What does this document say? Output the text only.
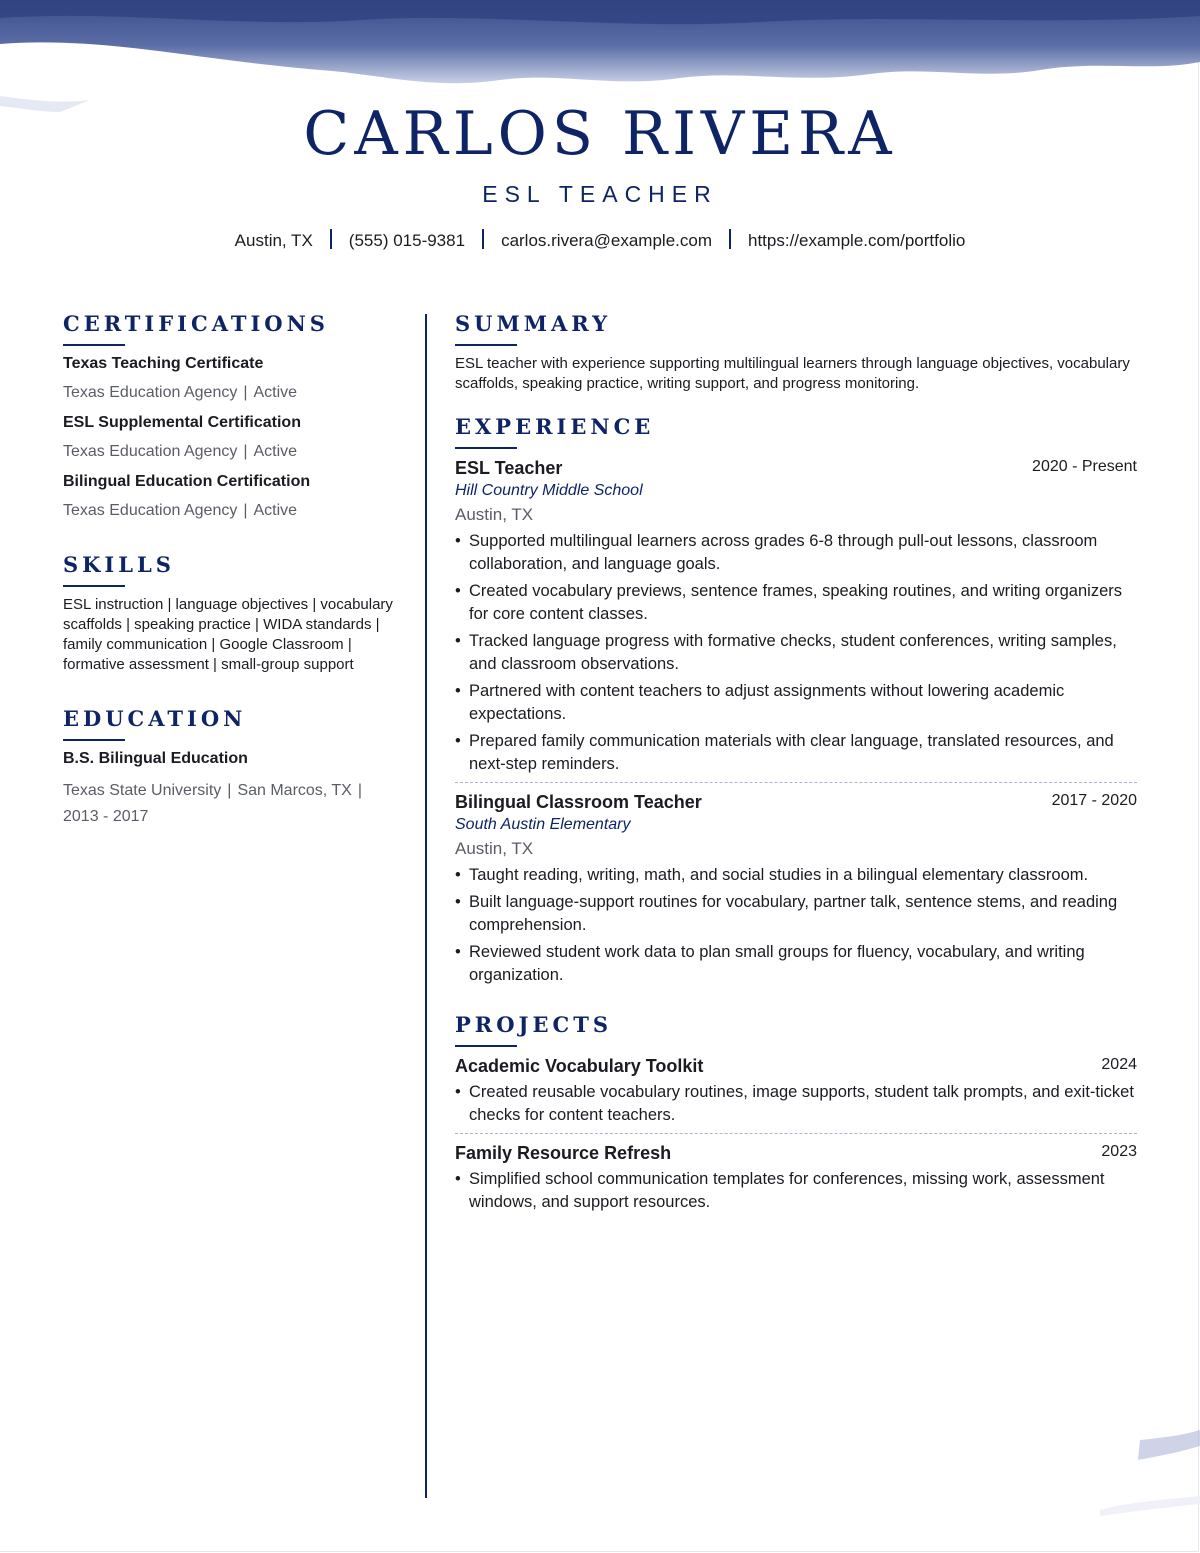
CARLOS RIVERA
ESL TEACHER
Austin, TX (555) 015-9381 carlos.rivera@example.com https://example.com/portfolio
CERTIFICATIONS

Texas Teaching Certificate

Texas Education Agency | Active

ESL Supplemental Certification

Texas Education Agency | Active

Bilingual Education Certification

Texas Education Agency | Active

SKILLS

ESL instruction | language objectives | vocabulary scaffolds | speaking practice | WIDA standards | family communication | Google Classroom | formative assessment | small-group support

EDUCATION

B.S. Bilingual Education

Texas State University | San Marcos, TX |
2013 - 2017

SUMMARY

ESL teacher with experience supporting multilingual learners through language objectives, vocabulary scaffolds, speaking practice, writing support, and progress monitoring.

EXPERIENCE

ESL Teacher	2020 - Present

Hill Country Middle School

Austin, TX

• Supported multilingual learners across grades 6-8 through pull-out lessons, classroom collaboration, and language goals.
• Created vocabulary previews, sentence frames, speaking routines, and writing organizers for core content classes.
• Tracked language progress with formative checks, student conferences, writing samples, and classroom observations.
• Partnered with content teachers to adjust assignments without lowering academic expectations.
• Prepared family communication materials with clear language, translated resources, and next-step reminders.

Bilingual Classroom Teacher	2017 - 2020

South Austin Elementary

Austin, TX

• Taught reading, writing, math, and social studies in a bilingual elementary classroom.
• Built language-support routines for vocabulary, partner talk, sentence stems, and reading comprehension.
• Reviewed student work data to plan small groups for fluency, vocabulary, and writing organization.
PROJECTS

Academic Vocabulary Toolkit	2024
• Created reusable vocabulary routines, image supports, student talk prompts, and exit-ticket checks for content teachers.

Family Resource Refresh	2023
• Simplified school communication templates for conferences, missing work, assessment windows, and support resources.
